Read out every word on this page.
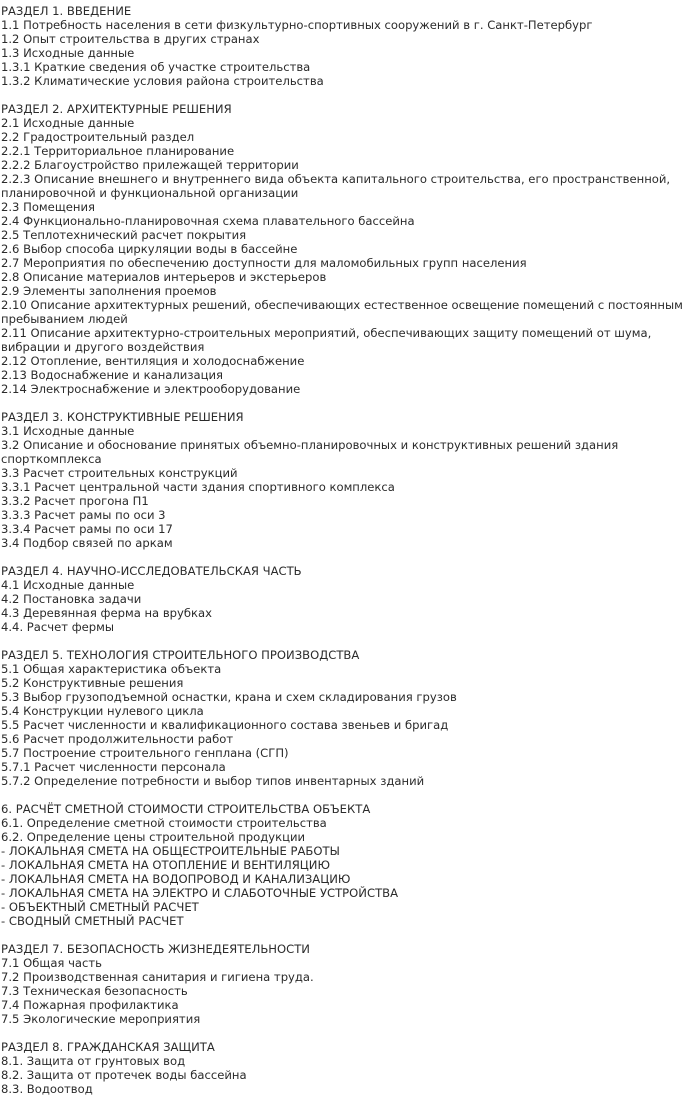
РАЗДЕЛ 1. ВВЕДЕНИЕ
1.1 Потребность населения в сети физкультурно-спортивных сооружений в г. Санкт-Петербург
1.2 Опыт строительства в других странах
1.3 Исходные данные
1.3.1 Краткие сведения об участке строительства
1.3.2 Климатические условия района строительства
РАЗДЕЛ 2. АРХИТЕКТУРНЫЕ РЕШЕНИЯ
2.1 Исходные данные
2.2 Градостроительный раздел
2.2.1 Территориальное планирование
2.2.2 Благоустройство прилежащей территории
2.2.3 Описание внешнего и внутреннего вида объекта капитального строительства, его пространственной, планировочной и функциональной организации
2.3 Помещения
2.4 Функционально-планировочная схема плавательного бассейна
2.5 Теплотехнический расчет покрытия
2.6 Выбор способа циркуляции воды в бассейне
2.7 Мероприятия по обеспечению доступности для маломобильных групп населения
2.8 Описание материалов интерьеров и экстерьеров
2.9 Элементы заполнения проемов
2.10 Описание архитектурных решений, обеспечивающих естественное освещение помещений с постоянным пребыванием людей
2.11 Описание архитектурно-строительных мероприятий, обеспечивающих защиту помещений от шума, вибрации и другого воздействия
2.12 Отопление, вентиляция и холодоснабжение
2.13 Водоснабжение и канализация
2.14 Электроснабжение и электрооборудование
РАЗДЕЛ 3. КОНСТРУКТИВНЫЕ РЕШЕНИЯ
3.1 Исходные данные
3.2 Описание и обоснование принятых объемно-планировочных и конструктивных решений здания спорткомплекса
3.3 Расчет строительных конструкций
3.3.1 Расчет центральной части здания спортивного комплекса
3.3.2 Расчет прогона П1
3.3.3 Расчет рамы по оси 3
3.3.4 Расчет рамы по оси 17
3.4 Подбор связей по аркам
РАЗДЕЛ 4. НАУЧНО-ИССЛЕДОВАТЕЛЬСКАЯ ЧАСТЬ
4.1 Исходные данные
4.2 Постановка задачи
4.3 Деревянная ферма на врубках
4.4. Расчет фермы
РАЗДЕЛ 5. ТЕХНОЛОГИЯ СТРОИТЕЛЬНОГО ПРОИЗВОДСТВА
5.1 Общая характеристика объекта
5.2 Конструктивные решения
5.3 Выбор грузоподъемной оснастки, крана и схем складирования грузов
5.4 Конструкции нулевого цикла
5.5 Расчет численности и квалификационного состава звеньев и бригад
5.6 Расчет продолжительности работ
5.7 Построение строительного генплана (СГП)
5.7.1 Расчет численности персонала
5.7.2 Определение потребности и выбор типов инвентарных зданий
6. РАСЧЁТ СМЕТНОЙ СТОИМОСТИ СТРОИТЕЛЬСТВА ОБЪЕКТА
6.1. Определение сметной стоимости строительства
6.2. Определение цены строительной продукции
- ЛОКАЛЬНАЯ СМЕТА НА ОБЩЕСТРОИТЕЛЬНЫЕ РАБОТЫ
- ЛОКАЛЬНАЯ СМЕТА НА ОТОПЛЕНИЕ И ВЕНТИЛЯЦИЮ
- ЛОКАЛЬНАЯ СМЕТА НА ВОДОПРОВОД И КАНАЛИЗАЦИЮ
- ЛОКАЛЬНАЯ СМЕТА НА ЭЛЕКТРО И СЛАБОТОЧНЫЕ УСТРОЙСТВА
- ОБЪЕКТНЫЙ СМЕТНЫЙ РАСЧЕТ
- СВОДНЫЙ СМЕТНЫЙ РАСЧЕТ
РАЗДЕЛ 7. БЕЗОПАСНОСТЬ ЖИЗНЕДЕЯТЕЛЬНОСТИ
7.1 Общая часть
7.2 Производственная санитария и гигиена труда.
7.3 Техническая безопасность
7.4 Пожарная профилактика
7.5 Экологические мероприятия
РАЗДЕЛ 8. ГРАЖДАНСКАЯ ЗАЩИТА
8.1. Защита от грунтовых вод
8.2. Защита от протечек воды бассейна
8.3. Водоотвод
